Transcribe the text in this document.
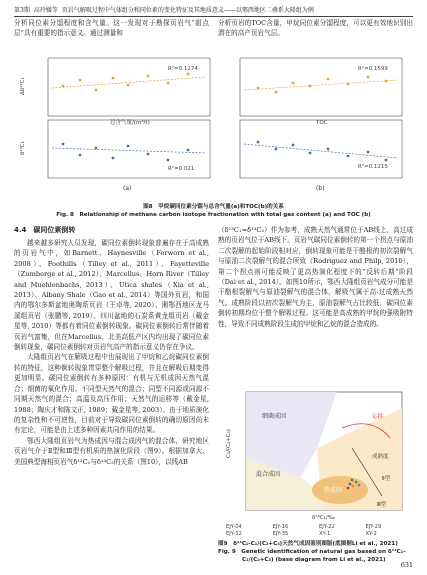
第3期 高玲媛等 页岩气解吸过程中气体组分和同位素的变化特征及其地质意义——以鄂西地区二叠系大隆组为例

分析同位素分馏程度和含气量。这一发现对于勘探页岩气“甜点层”具有重要的指示意义。通过测量和

分析页岩的TOC含量，甲烷同位素分馏程度，可以更有效地识别出潜在的高产页岩气层。

R²=0.1274
R²=0.021
总含气量/(m³/t)
(a)
Δδ¹³C₁
δ¹³C₁
R²=0.1599
R²=0.1215
TOC
(b)
图8　甲烷碳同位素分馏与总含气量(a)和TOC(b)的关系
Fig. 8　Relationship of methane carbon isotope fractionation with total gas content (a) and TOC (b)
4.4　碳同位素倒转

越来越多研究人员发现，碳同位素倒转现象普遍存在于高成熟的页岩气中，如Barnett、Haynesville（Ferworn et al., 2008）、Foothills（Tilley et al., 2011）、Fayetteville（Zumberge et al., 2012）、Marcellus、Horn River（Tilley and Muehlenbachs, 2013）、Utica shales（Xia et al., 2013）、Albany Shale（Gao et al., 2014）等国外页岩，和国内的鄂尔多斯盆地奥陶系页岩（王卓等, 2020）、湘鄂西地区龙马溪组页岩（张鹏等, 2019）、四川盆地的石炭系黄龙组页岩（戴金星等, 2010）等都有着同位素倒转现象。碳同位素倒转后常伴随着页岩气富集，但在Marcellus、北美高低产区内均出现了碳同位素倒转现象，碳同位素倒转对页岩气高产的指示意义仍存在争议。

大隆组页岩气在解吸过程中也展现出了甲烷和乙烷碳同位素倒转的特征，这种倒转现象贯穿整个解吸过程，并且在解吸后期变得更加明显。碳同位素倒转有多种原因：有机与无机成因天然气混合；细菌的氧化作用；不同型天然气的混合；同型不同源或同源不同期天然气的混合；高温及高压作用；天然气的运移等（戴金星, 1988；陶庆才和陈文正, 1989；戴金星等, 2003）。由于地质演化的复杂性和不可逆性，目前对于导致碳同位素倒转的确切原因尚未有定论，可能是由上述多种因素共同作用的结果。

鄂西大隆组页岩气为热成因与混合成因气的混合体，研究地区页岩气介于Ⅱ型和Ⅲ型有机质的热演化阶段（图9）。根据加拿大、美国典型海相页岩气δ¹³C₁与δ¹³C₂的关系（图10），以线AB

（δ¹³C₁=δ¹³C₂）作为参考，成熟天然气通常位于AB线上，高过成熟的页岩气位于AB线下。页岩气碳同位素倒转的第一个拐点与原油二次裂解的起始阶段相对应，倒转现象可能是干酪根的初次裂解气与原油二次裂解气的混合所致（Rodriguez and Philp, 2010），第二个拐点则可能反映了更高热演化程度下的“反转后期”阶段（Dai et al., 2014）。如图10所示，鄂西大隆组页岩气成分可能是干酪根裂解气与原油裂解气的混合体，解吸气属于高-过成熟天然气。成熟阶段以初次裂解气为主，原油裂解气占比较低，碳同位素倒转初期均位于整个解吸过程。这可能是高成熟的甲烷的强吸附特性，导致不同成熟阶段生成的甲烷和乙烷的混合造成的。

细菌成因
混合成因
热成因
运移
成熟度
Ⅱ型
Ⅲ型
C₁/(C₂+C₃)
δ¹³C₁/‰
EJY-04	EJY-16	EJY-22	EJY-29
EJY-32	EJY-35	XY-1	XY-2
图9　δ¹³C₁-C₁/(C₂+C₃)天然气成因鉴别图版(底图据Li et al., 2021)
Fig. 9　Genetic identification of natural gas based on δ¹³C₁-
C₁/(C₂+C₃) (base diagram from Li et al., 2021)
631
